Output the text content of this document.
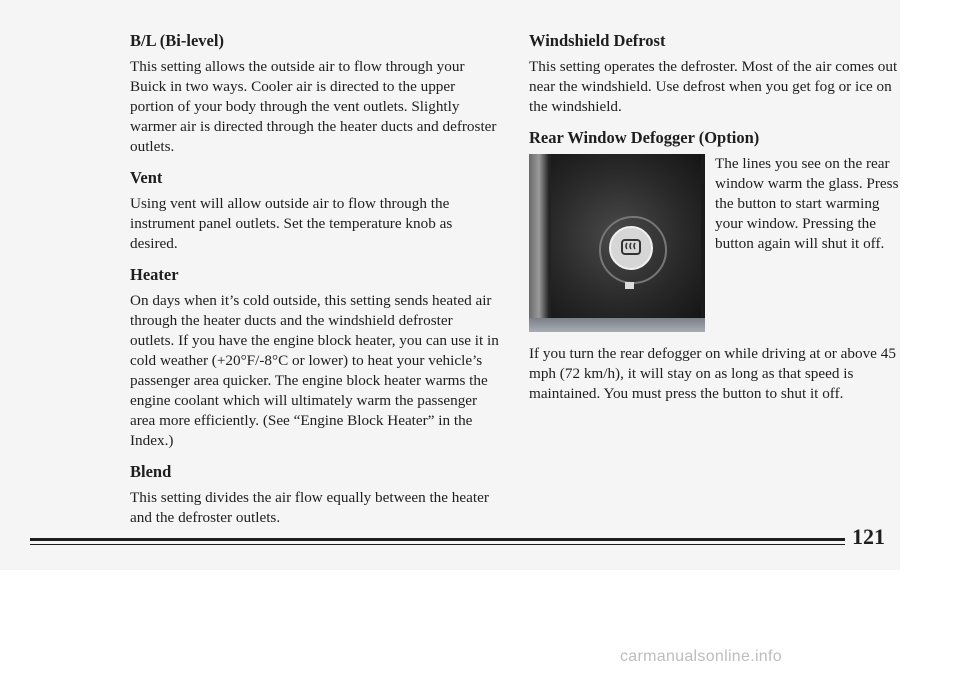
B/L (Bi-level)

This setting allows the outside air to flow through your Buick in two ways. Cooler air is directed to the upper portion of your body through the vent outlets. Slightly warmer air is directed through the heater ducts and defroster outlets.

Vent

Using vent will allow outside air to flow through the instrument panel outlets. Set the temperature knob as desired.

Heater

On days when it’s cold outside, this setting sends heated air through the heater ducts and the windshield defroster outlets. If you have the engine block heater, you can use it in cold weather (+20°F/-8°C or lower) to heat your vehicle’s passenger area quicker. The engine block heater warms the engine coolant which will ultimately warm the passenger area more efficiently. (See “Engine Block Heater” in the Index.)

Blend

This setting divides the air flow equally between the heater and the defroster outlets.

Windshield Defrost

This setting operates the defroster. Most of the air comes out near the windshield. Use defrost when you get fog or ice on the windshield.

Rear Window Defogger (Option)

The lines you see on the rear window warm the glass. Press the button to start warming your window. Pressing the button again will shut it off.

If you turn the rear defogger on while driving at or above 45 mph (72 km/h), it will stay on as long as that speed is maintained. You must press the button to shut it off.

121
carmanualsonline.info
